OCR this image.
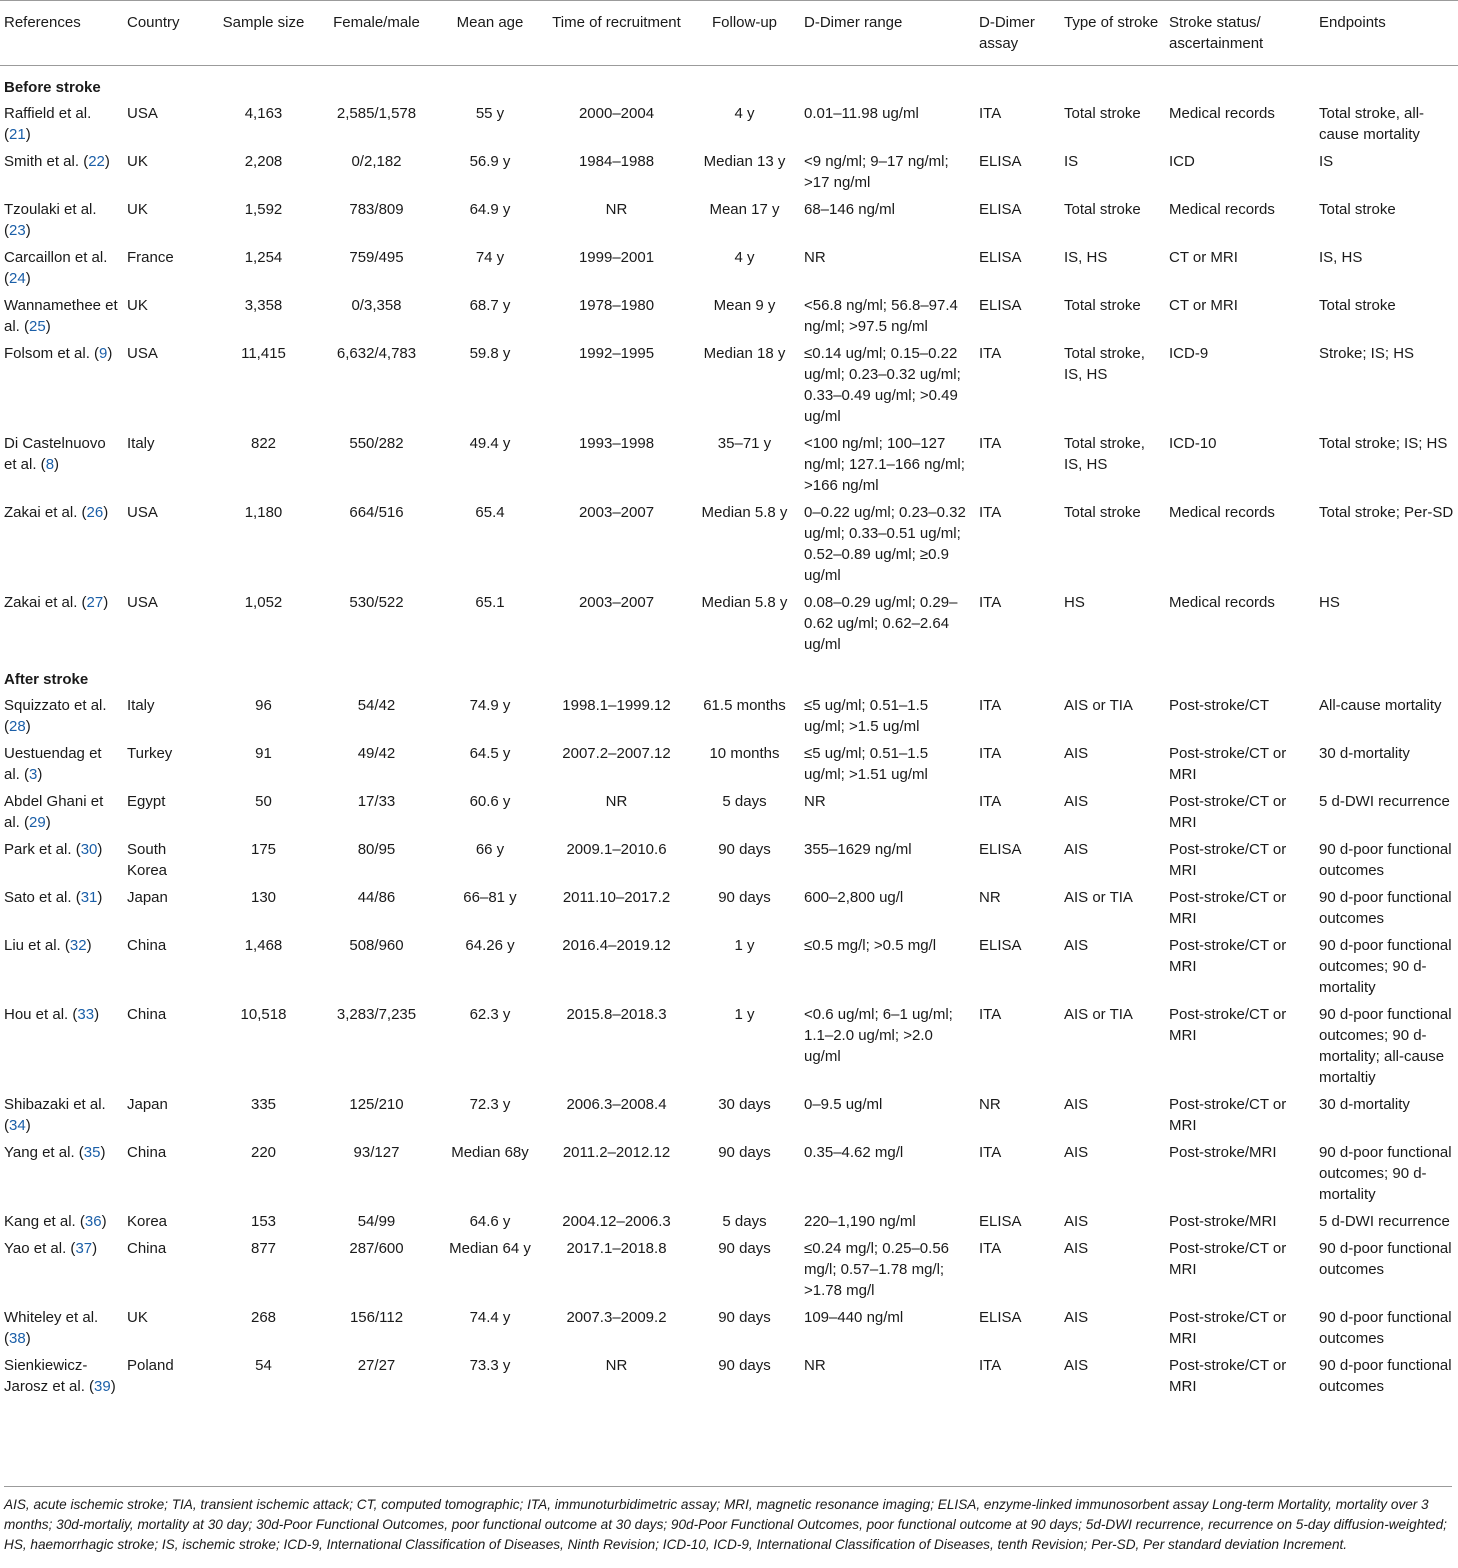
References	Country	Sample size	Female/male	Mean age	Time of recruitment	Follow-up	D-Dimer range	D-Dimer assay	Type of stroke	Stroke status/ ascertainment	Endpoints
Before stroke											
Raffield et al. (21)	USA	4,163	2,585/1,578	55 y	2000–2004	4 y	0.01–11.98 ug/ml	ITA	Total stroke	Medical records	Total stroke, all-cause mortality
Smith et al. (22)	UK	2,208	0/2,182	56.9 y	1984–1988	Median 13 y	<9 ng/ml; 9–17 ng/ml; >17 ng/ml	ELISA	IS	ICD	IS
Tzoulaki et al. (23)	UK	1,592	783/809	64.9 y	NR	Mean 17 y	68–146 ng/ml	ELISA	Total stroke	Medical records	Total stroke
Carcaillon et al. (24)	France	1,254	759/495	74 y	1999–2001	4 y	NR	ELISA	IS, HS	CT or MRI	IS, HS
Wannamethee et al. (25)	UK	3,358	0/3,358	68.7 y	1978–1980	Mean 9 y	<56.8 ng/ml; 56.8–97.4 ng/ml; >97.5 ng/ml	ELISA	Total stroke	CT or MRI	Total stroke
Folsom et al. (9)	USA	11,415	6,632/4,783	59.8 y	1992–1995	Median 18 y	≤0.14 ug/ml; 0.15–0.22 ug/ml; 0.23–0.32 ug/ml; 0.33–0.49 ug/ml; >0.49 ug/ml	ITA	Total stroke, IS, HS	ICD-9	Stroke; IS; HS
Di Castelnuovo et al. (8)	Italy	822	550/282	49.4 y	1993–1998	35–71 y	<100 ng/ml; 100–127 ng/ml; 127.1–166 ng/ml; >166 ng/ml	ITA	Total stroke, IS, HS	ICD-10	Total stroke; IS; HS
Zakai et al. (26)	USA	1,180	664/516	65.4	2003–2007	Median 5.8 y	0–0.22 ug/ml; 0.23–0.32 ug/ml; 0.33–0.51 ug/ml; 0.52–0.89 ug/ml; ≥0.9 ug/ml	ITA	Total stroke	Medical records	Total stroke; Per-SD
Zakai et al. (27)	USA	1,052	530/522	65.1	2003–2007	Median 5.8 y	0.08–0.29 ug/ml; 0.29–0.62 ug/ml; 0.62–2.64 ug/ml	ITA	HS	Medical records	HS
After stroke											
Squizzato et al. (28)	Italy	96	54/42	74.9 y	1998.1–1999.12	61.5 months	≤5 ug/ml; 0.51–1.5 ug/ml; >1.5 ug/ml	ITA	AIS or TIA	Post-stroke/CT	All-cause mortality
Uestuendag et al. (3)	Turkey	91	49/42	64.5 y	2007.2–2007.12	10 months	≤5 ug/ml; 0.51–1.5 ug/ml; >1.51 ug/ml	ITA	AIS	Post-stroke/CT or MRI	30 d-mortality
Abdel Ghani et al. (29)	Egypt	50	17/33	60.6 y	NR	5 days	NR	ITA	AIS	Post-stroke/CT or MRI	5 d-DWI recurrence
Park et al. (30)	South Korea	175	80/95	66 y	2009.1–2010.6	90 days	355–1629 ng/ml	ELISA	AIS	Post-stroke/CT or MRI	90 d-poor functional outcomes
Sato et al. (31)	Japan	130	44/86	66–81 y	2011.10–2017.2	90 days	600–2,800 ug/l	NR	AIS or TIA	Post-stroke/CT or MRI	90 d-poor functional outcomes
Liu et al. (32)	China	1,468	508/960	64.26 y	2016.4–2019.12	1 y	≤0.5 mg/l; >0.5 mg/l	ELISA	AIS	Post-stroke/CT or MRI	90 d-poor functional outcomes; 90 d-mortality
Hou et al. (33)	China	10,518	3,283/7,235	62.3 y	2015.8–2018.3	1 y	<0.6 ug/ml; 6–1 ug/ml; 1.1–2.0 ug/ml; >2.0 ug/ml	ITA	AIS or TIA	Post-stroke/CT or MRI	90 d-poor functional outcomes; 90 d-mortality; all-cause mortaltiy
Shibazaki et al. (34)	Japan	335	125/210	72.3 y	2006.3–2008.4	30 days	0–9.5 ug/ml	NR	AIS	Post-stroke/CT or MRI	30 d-mortality
Yang et al. (35)	China	220	93/127	Median 68y	2011.2–2012.12	90 days	0.35–4.62 mg/l	ITA	AIS	Post-stroke/MRI	90 d-poor functional outcomes; 90 d-mortality
Kang et al. (36)	Korea	153	54/99	64.6 y	2004.12–2006.3	5 days	220–1,190 ng/ml	ELISA	AIS	Post-stroke/MRI	5 d-DWI recurrence
Yao et al. (37)	China	877	287/600	Median 64 y	2017.1–2018.8	90 days	≤0.24 mg/l; 0.25–0.56 mg/l; 0.57–1.78 mg/l; >1.78 mg/l	ITA	AIS	Post-stroke/CT or MRI	90 d-poor functional outcomes
Whiteley et al. (38)	UK	268	156/112	74.4 y	2007.3–2009.2	90 days	109–440 ng/ml	ELISA	AIS	Post-stroke/CT or MRI	90 d-poor functional outcomes
Sienkiewicz-Jarosz et al. (39)	Poland	54	27/27	73.3 y	NR	90 days	NR	ITA	AIS	Post-stroke/CT or MRI	90 d-poor functional outcomes
AIS, acute ischemic stroke; TIA, transient ischemic attack; CT, computed tomographic; ITA, immunoturbidimetric assay; MRI, magnetic resonance imaging; ELISA, enzyme-linked immunosorbent assay Long-term Mortality, mortality over 3 months; 30d-mortaliy, mortality at 30 day; 30d-Poor Functional Outcomes, poor functional outcome at 30 days; 90d-Poor Functional Outcomes, poor functional outcome at 90 days; 5d-DWI recurrence, recurrence on 5-day diffusion-weighted; HS, haemorrhagic stroke; IS, ischemic stroke; ICD-9, International Classification of Diseases, Ninth Revision; ICD-10, ICD-9, International Classification of Diseases, tenth Revision; Per-SD, Per standard deviation Increment.
